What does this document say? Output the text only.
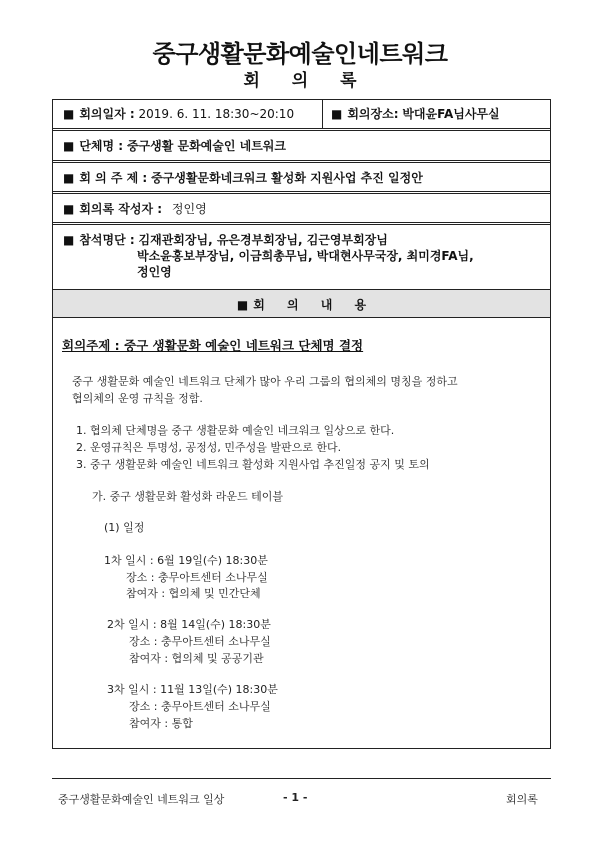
중구생활문화예술인네트워크
회 의 록
■ 회의일자 : 2019. 6. 11. 18:30~20:10	■ 회의장소: 박대윤FA님사무실
■ 단체명 : 중구생활 문화예술인 네트워크
■ 회 의 주 제 : 중구생활문화네크워크 활성화 지원사업 추진 일정안
■ 회의록 작성자 : 정인영
■ 참석명단 : 김재관회장님, 유은경부회장님, 김근영부회장님
박소윤홍보부장님, 이금희총무님, 박대현사무국장, 최미경FA님,
정인영
■ 회 의 내 용
회의주제 : 중구 생활문화 예술인 네트워크 단체명 결정
중구 생활문화 예술인 네트워크 단체가 많아 우리 그룹의 협의체의 명칭을 정하고
협의체의 운영 규칙을 정함.
1. 협의체 단체명을 중구 생활문화 예술인 네크워크 일상으로 한다.
2. 운영규칙은 투명성, 공정성, 민주성을 발판으로 한다.
3. 중구 생활문화 예술인 네트워크 활성화 지원사업 추진일정 공지 및 토의
가. 중구 생활문화 활성화 라운드 테이블
(1) 일정
1차 일시 : 6월 19일(수) 18:30분
장소 : 충무아트센터 소나무실
참여자 : 협의체 및 민간단체
2차 일시 : 8월 14일(수) 18:30분
장소 : 충무아트센터 소나무실
참여자 : 협의체 및 공공기관
3차 일시 : 11월 13일(수) 18:30분
장소 : 충무아트센터 소나무실
참여자 : 통합
중구생활문화예술인 네트워크 일상	- 1 -	회의록
